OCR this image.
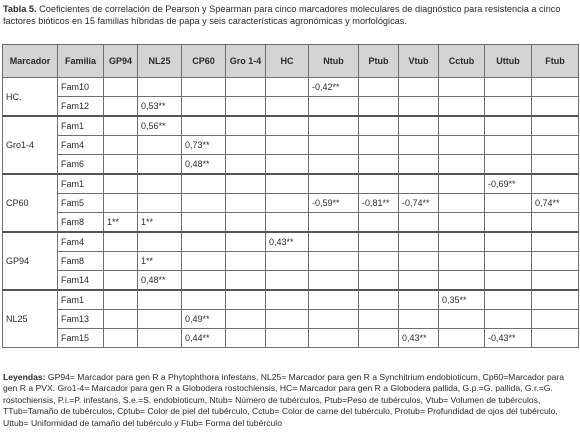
Tabla 5. Coeficientes de correlación de Pearson y Spearman para cinco marcadores moleculares de diagnóstico para resistencia a cinco factores bióticos en 15 familias híbridas de papa y seis características agronómicas y morfológicas.
Marcador	Familia	GP94	NL25	CP60	Gro 1-4	HC	Ntub	Ptub	Vtub	Cctub	Uttub	Ftub
HC.	Fam10						-0,42**					
	Fam12		0,53**									
Gro1-4	Fam1		0,56**									
	Fam4			0,73**								
	Fam6			0,48**								
CP60	Fam1										-0,69**	
	Fam5						-0,59**	-0,81**	-0,74**			0,74**
	Fam8	1**	1**									
GP94	Fam4					0,43**						
	Fam8		1**									
	Fam14		0,48**									
NL25	Fam1									0,35**		
	Fam13			0,49**								
	Fam15			0,44**					0,43**		-0,43**	
Leyendas: GP94= Marcador para gen R a Phytophthora infestans, NL25= Marcador para gen R a Synchitrium endobioticum, Cp60=Marcador para gen R a PVX. Gro1-4= Marcador para gen R a Globodera rostochiensis, HC= Marcador para gen R a Globodera pallida, G.p.=G. pallida, G.r.=G. rostochiensis, P.i.=P. infestans, S.e.=S. endobioticum, Ntub= Número de tubérculos, Ptub=Peso de tubérculos, Vtub= Volumen de tubérculos, TTub=Tamaño de tubérculos, Cptub= Color de piel del tubérculo, Cctub= Color de carne del tubérculo, Protub= Profundidad de ojos del tubérculo, Uttub= Uniformidad de tamaño del tubérculo y Ftub= Forma del tubérculo
